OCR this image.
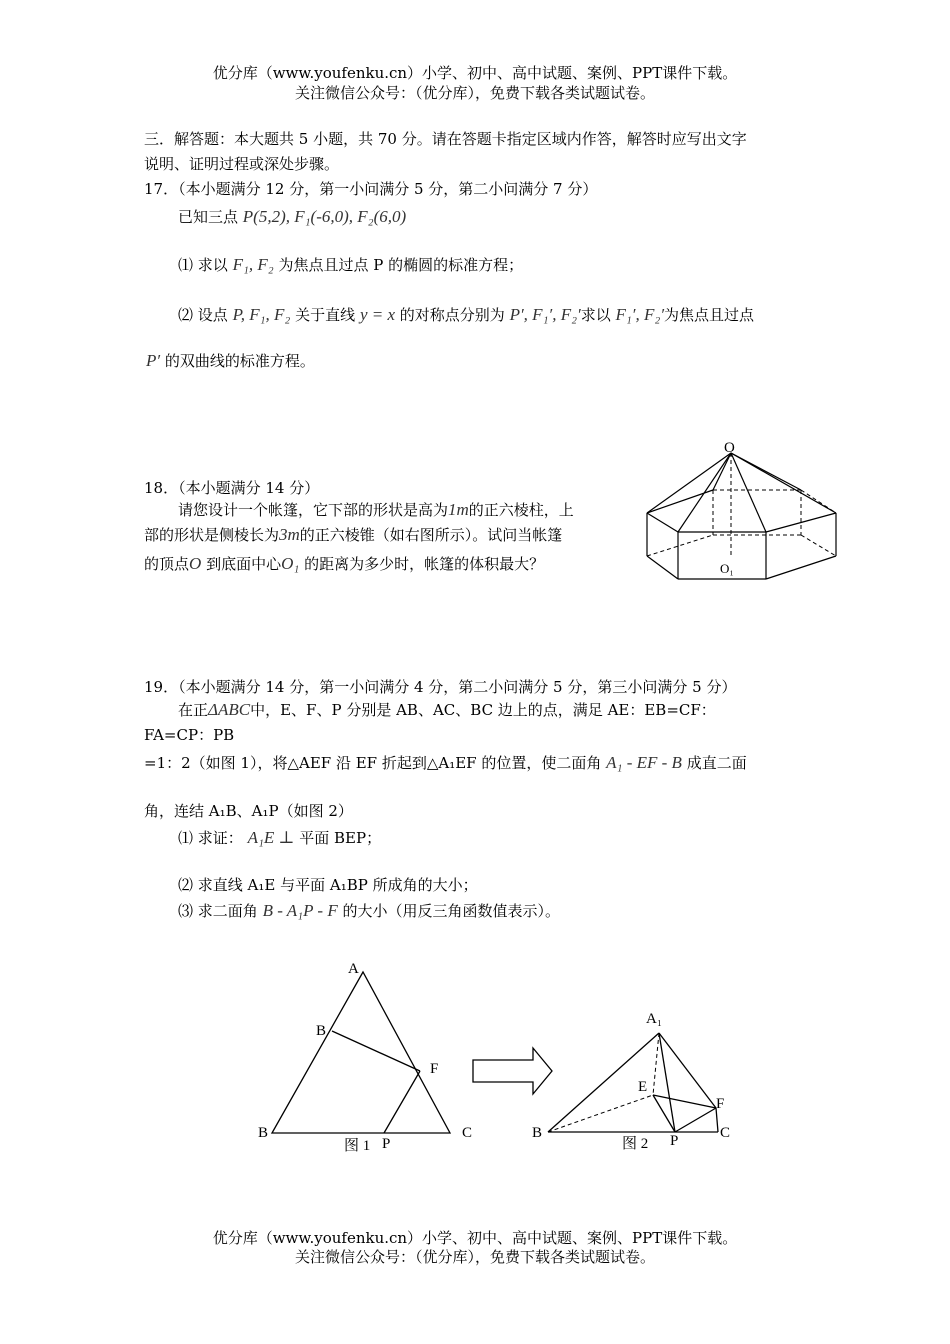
优分库（www.youfenku.cn）小学、初中、高中试题、案例、PPT课件下载。
关注微信公众号：（优分库），免费下载各类试题试卷。
三．解答题：本大题共 5 小题，共 70 分。请在答题卡指定区域内作答，解答时应写出文字
说明、证明过程或深处步骤。
17．（本小题满分 12 分，第一小问满分 5 分，第二小问满分 7 分）
已知三点 P(5,2), F₁(-6,0), F₂(6,0)
⑴ 求以 F₁, F₂ 为焦点且过点 P 的椭圆的标准方程；
⑵ 设点 P, F₁, F₂ 关于直线 y = x 的对称点分别为 P′, F₁′, F₂′求以 F₁′, F₂′为焦点且过点
P′ 的双曲线的标准方程。
18．（本小题满分 14 分）
请您设计一个帐篷，它下部的形状是高为1m的正六棱柱，上
部的形状是侧棱长为3m的正六棱锥（如右图所示）。试问当帐篷
的顶点O 到底面中心O₁ 的距离为多少时，帐篷的体积最大？
O
O₁
19．（本小题满分 14 分，第一小问满分 4 分，第二小问满分 5 分，第三小问满分 5 分）
在正ΔABC中，E、F、P 分别是 AB、AC、BC 边上的点，满足 AE：EB=CF：
FA=CP：PB
=1：2（如图 1），将△AEF 沿 EF 折起到△A₁EF 的位置，使二面角 A₁ - EF - B 成直二面
角，连结 A₁B、A₁P（如图 2）
⑴ 求证： A₁E ⊥ 平面 BEP；
⑵ 求直线 A₁E 与平面 A₁BP 所成角的大小；
⑶ 求二面角 B - A₁P - F 的大小（用反三角函数值表示）。
A
B
F
B
P
C
图 1
A₁
E
F
B	P	C
图 2
优分库（www.youfenku.cn）小学、初中、高中试题、案例、PPT课件下载。
关注微信公众号：（优分库），免费下载各类试题试卷。
